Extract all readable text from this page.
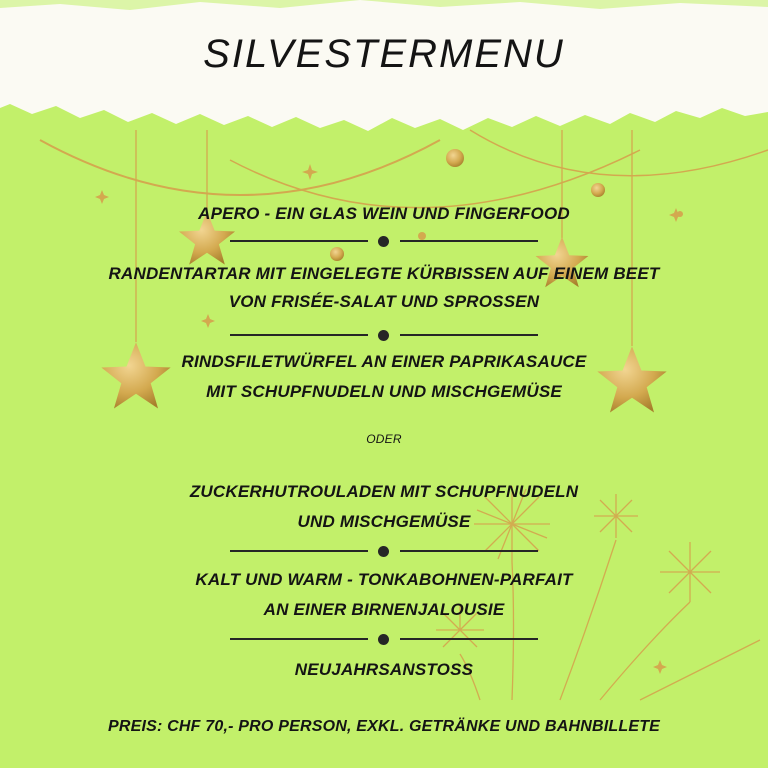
SILVESTERMENU
APERO - EIN GLAS WEIN UND FINGERFOOD
RANDENTARTAR MIT EINGELEGTE KÜRBISSEN AUF EINEM BEET
VON FRISÉE-SALAT UND SPROSSEN
RINDSFILETWÜRFEL AN EINER PAPRIKASAUCE
MIT SCHUPFNUDELN UND MISCHGEMÜSE
ODER
ZUCKERHUTROULADEN MIT SCHUPFNUDELN
UND MISCHGEMÜSE
KALT UND WARM - TONKABOHNEN-PARFAIT
AN EINER BIRNENJALOUSIE
NEUJAHRSANSTOSS
PREIS: CHF 70,- PRO PERSON, EXKL. GETRÄNKE UND BAHNBILLETE
